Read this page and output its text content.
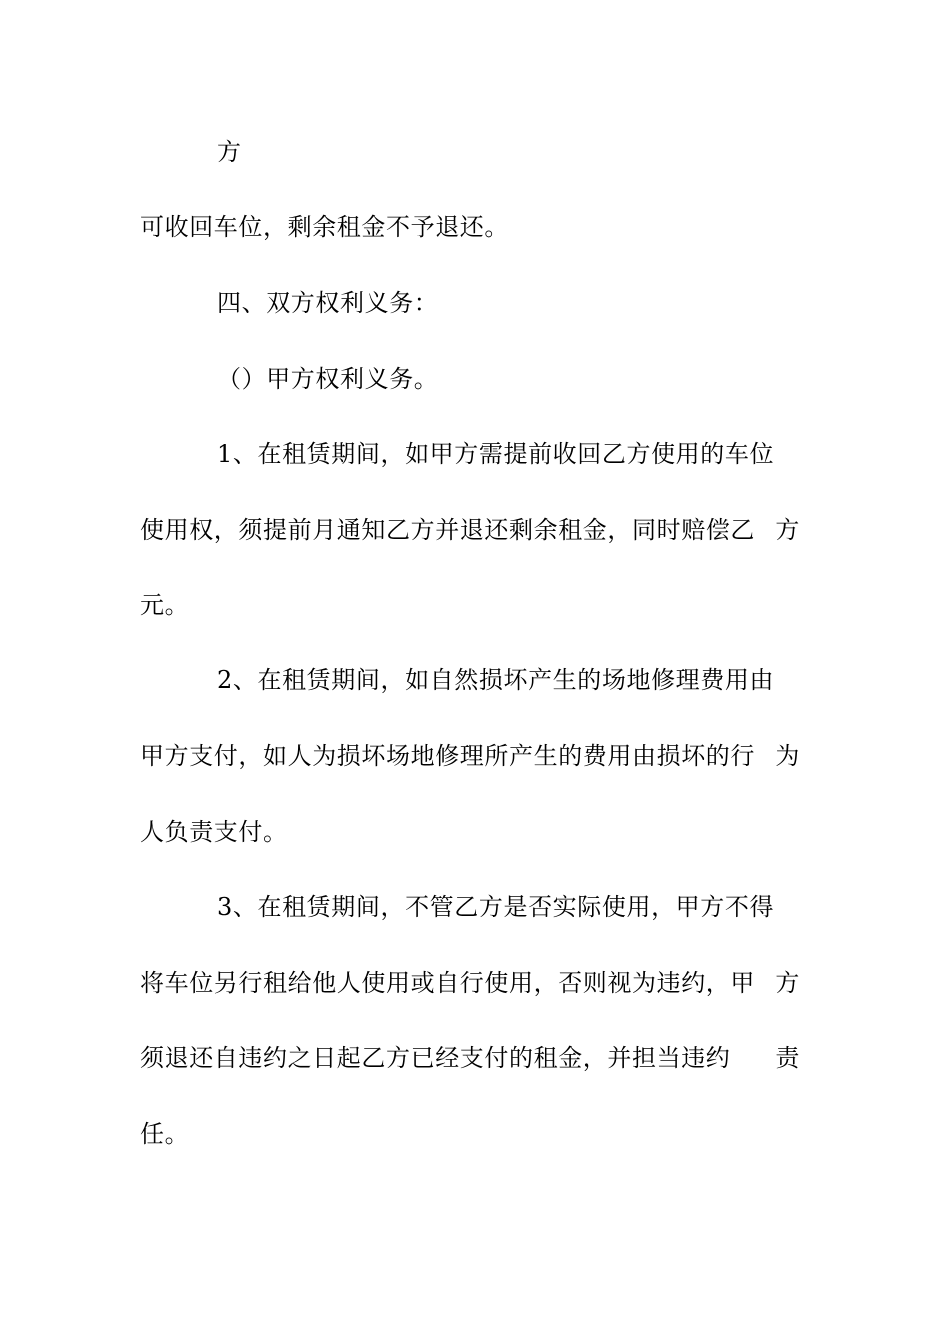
方
可收回车位，剩余租金不予退还。
四、双方权利义务：
（）甲方权利义务。
1、在租赁期间，如甲方需提前收回乙方使用的车位
使用权，须提前月通知乙方并退还剩余租金，同时赔偿乙 方
元。
2、在租赁期间，如自然损坏产生的场地修理费用由
甲方支付，如人为损坏场地修理所产生的费用由损坏的行 为
人负责支付。
3、在租赁期间，不管乙方是否实际使用，甲方不得
将车位另行租给他人使用或自行使用，否则视为违约，甲 方
须退还自违约之日起乙方已经支付的租金，并担当违约 责
任。
